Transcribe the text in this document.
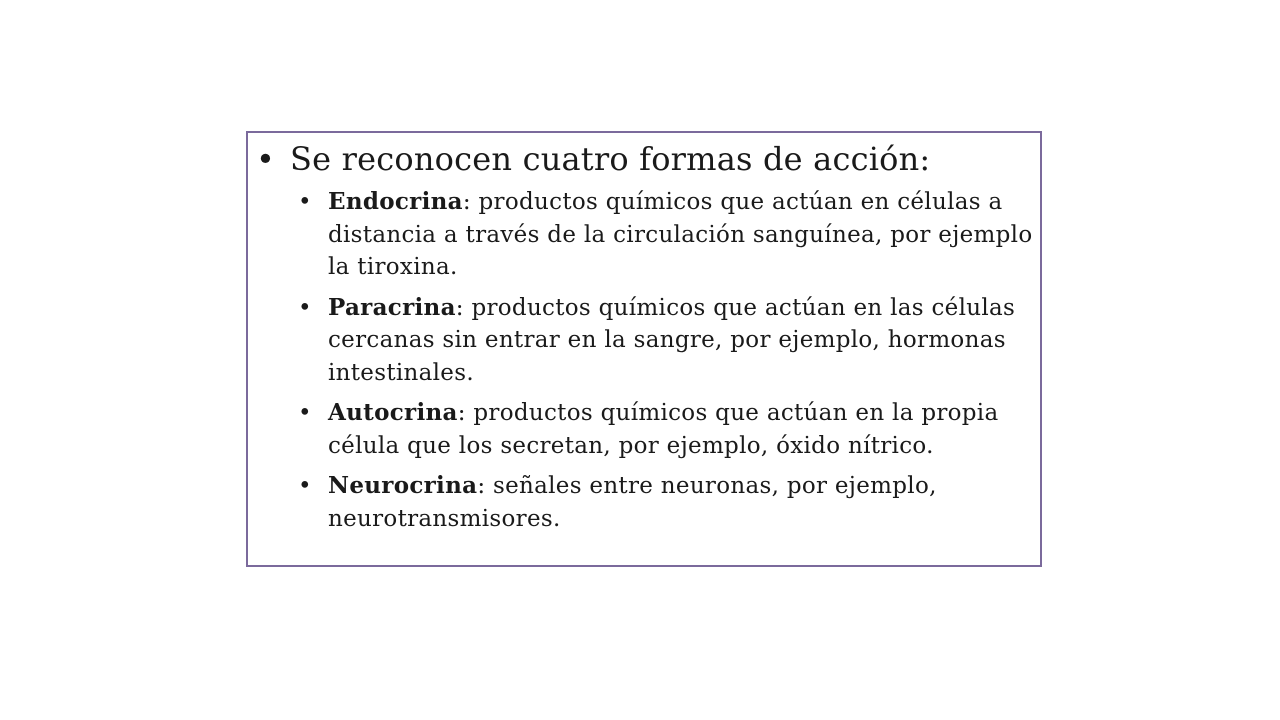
• Se reconocen cuatro formas de acción:
• Endocrina: productos químicos que actúan en células a distancia a través de la circulación sanguínea, por ejemplo la tiroxina.
• Paracrina: productos químicos que actúan en las células cercanas sin entrar en la sangre, por ejemplo, hormonas intestinales.
• Autocrina: productos químicos que actúan en la propia célula que los secretan, por ejemplo, óxido nítrico.
• Neurocrina: señales entre neuronas, por ejemplo, neurotransmisores.
